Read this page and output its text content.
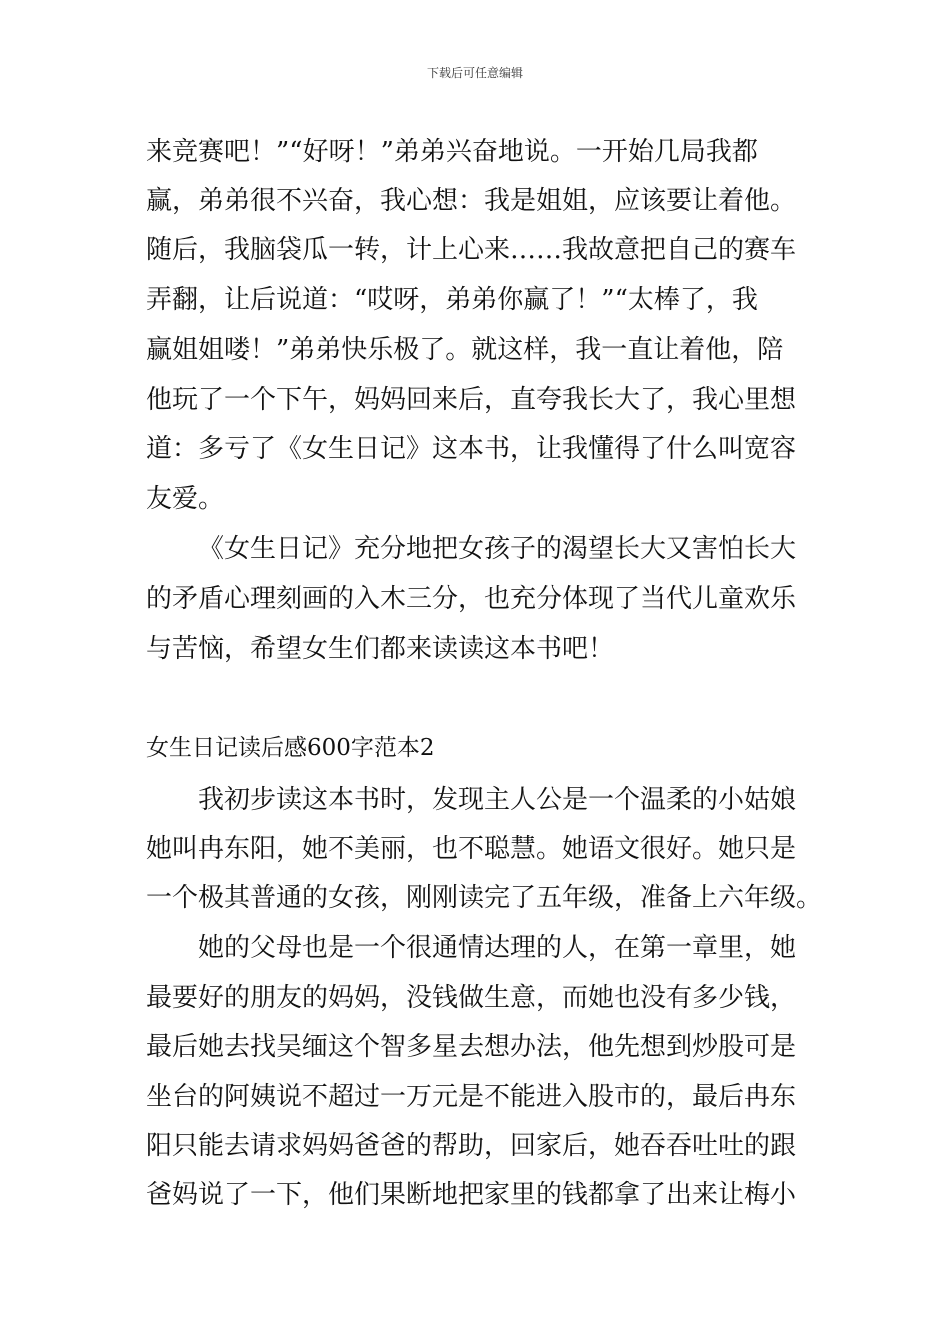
下载后可任意编辑
来竞赛吧！”“好呀！”弟弟兴奋地说。一开始几局我都
赢，弟弟很不兴奋，我心想：我是姐姐，应该要让着他。
随后，我脑袋瓜一转，计上心来……我故意把自己的赛车
弄翻，让后说道：“哎呀，弟弟你赢了！”“太棒了，我
赢姐姐喽！”弟弟快乐极了。就这样，我一直让着他，陪
他玩了一个下午，妈妈回来后，直夸我长大了，我心里想
道：多亏了《女生日记》这本书，让我懂得了什么叫宽容
友爱。
《女生日记》充分地把女孩子的渴望长大又害怕长大
的矛盾心理刻画的入木三分，也充分体现了当代儿童欢乐
与苦恼，希望女生们都来读读这本书吧！
女生日记读后感600字范本2
我初步读这本书时，发现主人公是一个温柔的小姑娘
她叫冉东阳，她不美丽，也不聪慧。她语文很好。她只是
一个极其普通的女孩，刚刚读完了五年级，准备上六年级。
她的父母也是一个很通情达理的人，在第一章里，她
最要好的朋友的妈妈，没钱做生意，而她也没有多少钱，
最后她去找吴缅这个智多星去想办法，他先想到炒股可是
坐台的阿姨说不超过一万元是不能进入股市的，最后冉东
阳只能去请求妈妈爸爸的帮助，回家后，她吞吞吐吐的跟
爸妈说了一下，他们果断地把家里的钱都拿了出来让梅小
